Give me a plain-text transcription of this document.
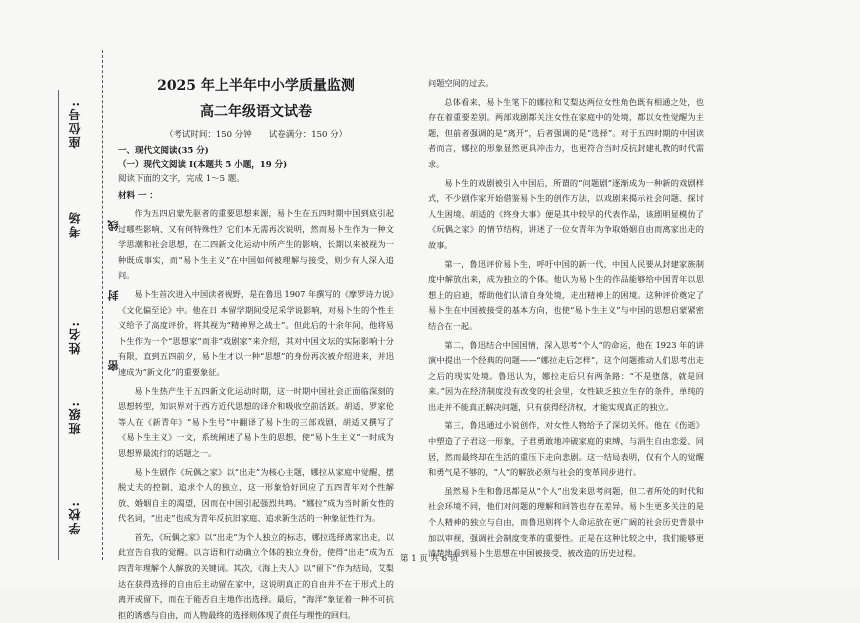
学校:
班级:
姓名:
考场
座位号:
密
封
线
2025 年上半年中小学质量监测
高二年级语文试卷
（考试时间：150 分钟　　试卷满分：150 分）
一、现代文阅读(35 分)
（一）现代文阅读 I(本题共 5 小题，19 分)
阅读下面的文字，完成 1～5 题。
材料 一 ：

作为五四启蒙先驱者的重要思想来源，易卜生在五四时期中国到底引起过哪些影响、又有何特殊性？它们本无需再次说明，然而易卜生作为一种文学思潮和社会思想，在二四新文化运动中所产生的影响，长期以来被视为一种既成事实，而“易卜生主义”在中国如何被理解与接受，则少有人深入追问。

易卜生首次进入中国读者视野，是在鲁迅 1907 年撰写的《摩罗诗力说》《文化偏至论》中。他在日 本留学期间受尼采学说影响，对易卜生的个性主义给予了高度评价，将其视为“精神界之战士”。但此后的十余年间，他将易卜生作为一个“思想家”而非“戏剧家”来介绍，其对中国文坛的实际影响十分有限，直到五四前夕，易卜生才以一种“思想”的身份再次被介绍进来，并迅速成为“新文化”的重要象征。

易卜生热产生于五四新文化运动时期，这一时期中国社会正面临深刻的思想转型，知识界对于西方近代思想的译介和吸收空前活跃。胡适、罗家伦等人在《新青年》“易卜生号”中翻译了易卜生的三部戏剧，胡适又撰写了《易卜生主义》一文，系统阐述了易卜生的思想，使“易卜生主义”一时成为思想界最流行的话题之一。

易卜生剧作《玩偶之家》以“出走”为核心主题，娜拉从家庭中觉醒、摆脱丈夫的控制、追求个人的独立，这一形象恰好回应了五四青年对个性解放、婚姻自主的渴望，因而在中国引起强烈共鸣。“娜拉”成为当时新女性的代名词，“出走”也成为青年反抗旧家庭、追求新生活的一种象征性行为。

首先，《玩偶之家》以“出走”为个人独立的标志，娜拉选择离家出走，以此宣告自我的觉醒。以言语和行动确立个体的独立身份，使得“出走”成为五四青年理解个人解放的关键词。其次，《海上夫人》以“留下”作为结局，艾梨达在获得选择的自由后主动留在家中，这说明真正的自由并不在于形式上的离开或留下，而在于能否自主地作出选择。最后，“海洋”象征着一种不可抗拒的诱惑与自由，而人物最终的选择则体现了责任与理性的回归。

问题空间的过去。

总体看来，易卜生笔下的娜拉和艾梨达两位女性角色既有相通之处，也存在着重要差别。两部戏剧都关注女性在家庭中的处境，都以女性觉醒为主题，但前者强调的是“离开”，后者强调的是“选择”。对于五四时期的中国读者而言，娜拉的形象显然更具冲击力，也更符合当时反抗封建礼教的时代需求。

易卜生的戏剧被引入中国后，所谓的“问题剧”逐渐成为一种新的戏剧样式，不少剧作家开始借鉴易卜生的创作方法，以戏剧来揭示社会问题、探讨人生困境。胡适的《终身大事》便是其中较早的代表作品，该剧明显模仿了《玩偶之家》的情节结构，讲述了一位女青年为争取婚姻自由而离家出走的故事。

第一，鲁迅评价易卜生，呼吁中国的新一代，中国人民要从封建家族制度中解放出来，成为独立的个体。他认为易卜生的作品能够给中国青年以思想上的启迪，帮助他们认清自身处境，走出精神上的困境。这种评价奠定了易卜生在中国被接受的基本方向，也使“易卜生主义”与中国的思想启蒙紧密结合在一起。

第二，鲁迅结合中国国情，深入思考“个人”的命运，他在 1923 年的讲演中提出一个经典的问题——“娜拉走后怎样”，这个问题推动人们思考出走之后的现实处境。鲁迅认为，娜拉走后只有两条路：“不是堕落，就是回来。”因为在经济制度没有改变的社会里，女性缺乏独立生存的条件，单纯的出走并不能真正解决问题，只有获得经济权，才能实现真正的独立。

第三，鲁迅通过小说创作，对女性人物给予了深切关怀。他在《伤逝》中塑造了子君这一形象，子君勇敢地冲破家庭的束缚，与涓生自由恋爱、同居，然而最终却在生活的重压下走向悲剧。这一结局表明，仅有个人的觉醒和勇气是不够的，“人”的解放必须与社会的变革同步进行。

虽然易卜生和鲁迅都是从“个人”出发来思考问题，但二者所处的时代和社会环境不同，他们对问题的理解和回答也存在差异。易卜生更多关注的是个人精神的独立与自由，而鲁迅则将个人命运放在更广阔的社会历史背景中加以审视，强调社会制度变革的重要性。正是在这种比较之中，我们能够更清楚地看到易卜生思想在中国被接受、被改造的历史过程。

第 1 页 共 6 页
